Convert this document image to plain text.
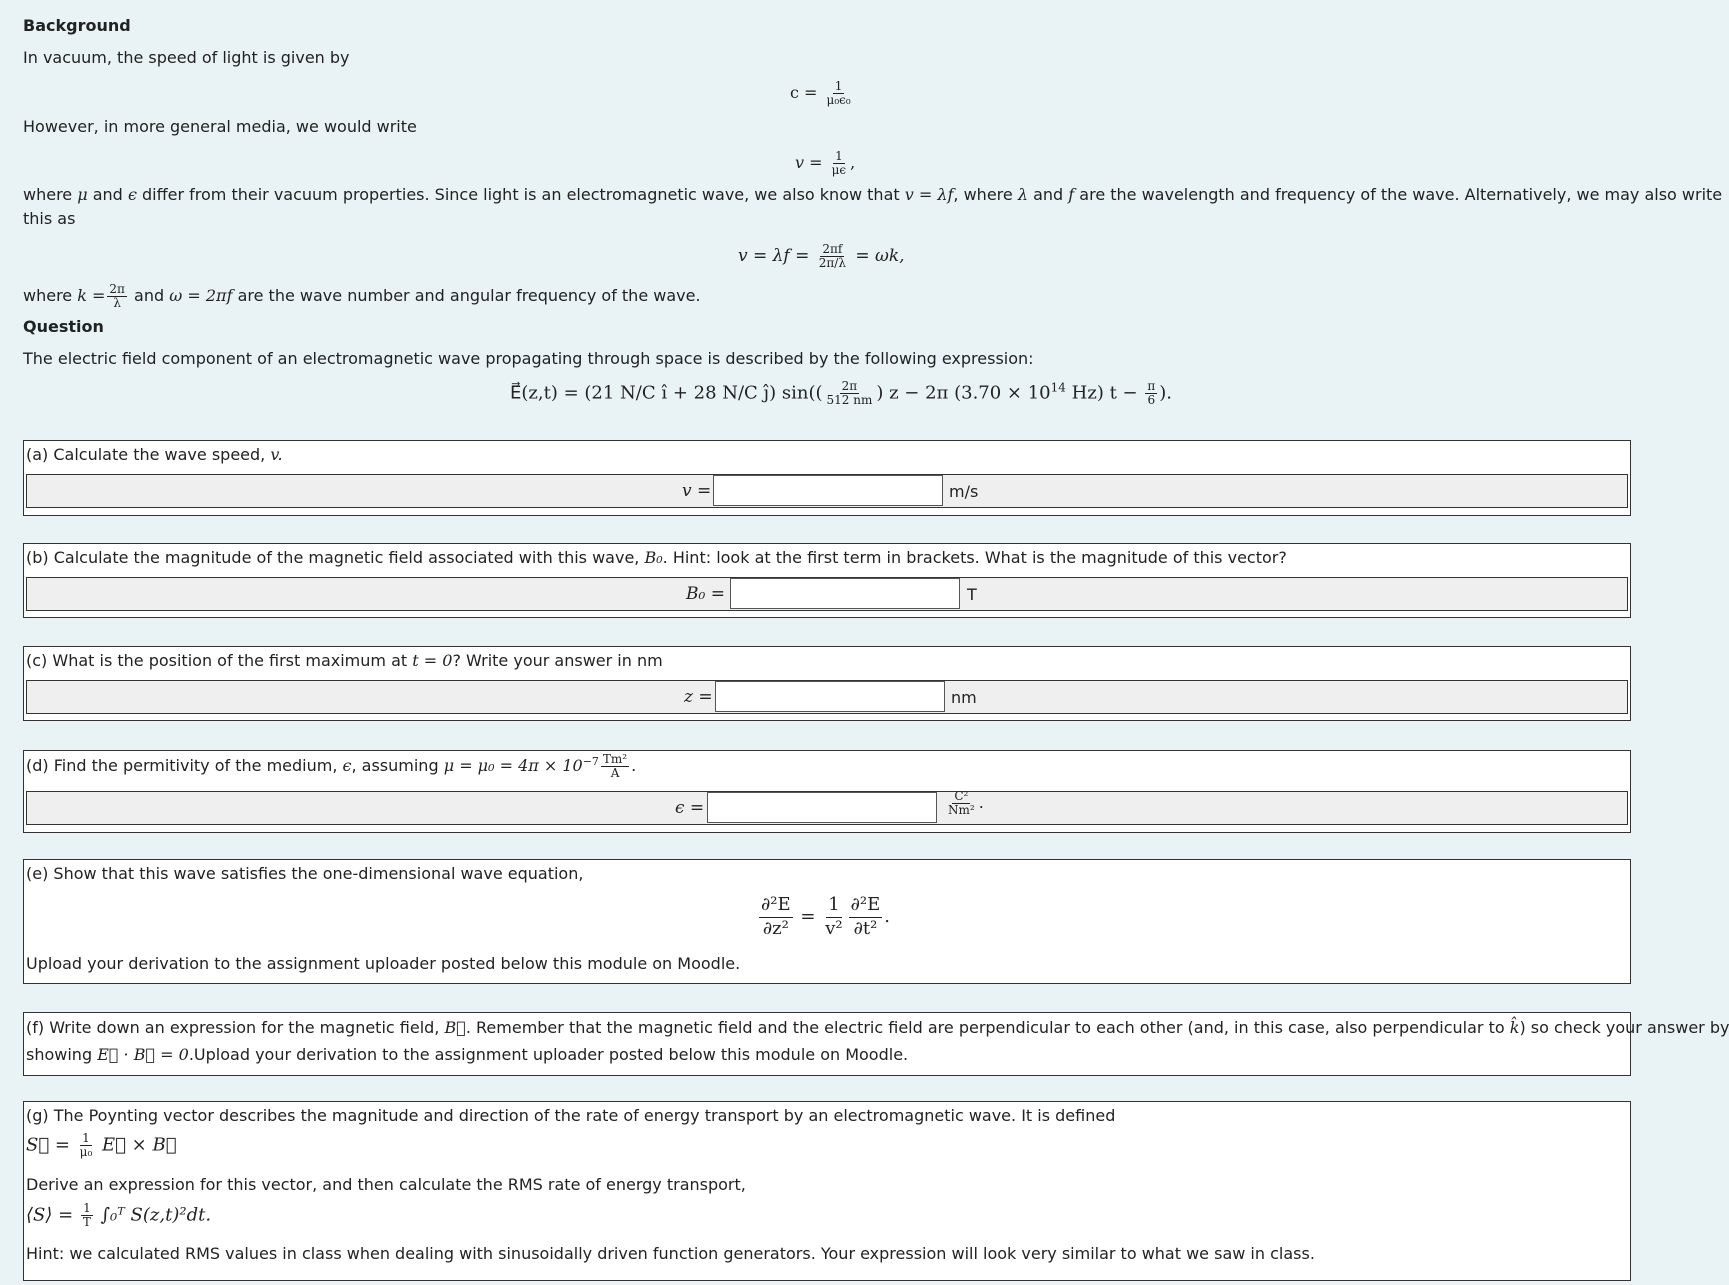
Background
In vacuum, the speed of light is given by
$c = \frac{1}{\text{μ₀ϵ₀}}$
However, in more general media, we would write
$v = \frac{1}{\mu\epsilon}$ ,
where μ and ϵ differ from their vacuum properties. Since light is an electromagnetic wave, we also know that v = λf, where λ and f are the wavelength and frequency of the wave. Alternatively, we may also write
this as
$v = \lambda f = \frac{2\pi f}{2\pi/\lambda} = \omega k$,
where $k = \frac{2\pi}{\lambda}$ and ω = 2πf are the wave number and angular frequency of the wave.
Question
The electric field component of an electromagnetic wave propagating through space is described by the following expression:
E⃗(z,t) = (21 N/C î + 28 N/C ĵ) $\sin(( \frac{2\pi}{512 nm}$ ) z − 2π ($3.70 \times 10^{14}$ Hz) $t - \frac{\pi}{6}$ ).
(a) Calculate the wave speed, v.
v =	m/s
(b) Calculate the magnitude of the magnetic field associated with this wave, B₀. Hint: look at the first term in brackets. What is the magnitude of this vector?
B₀ =	T
(c) What is the position of the first maximum at t = 0? Write your answer in nm
z =	nm
(d) Find the permitivity of the medium, ϵ, assuming $\mu = \mu_0 = 4\pi \times 10^{-7} \frac{\text{Tm²}}{A}$ .
ϵ =	$\frac{\text{C²}}{\text{Nm²}}$ .
(e) Show that this wave satisfies the one-dimensional wave equation,
$\frac{\text{∂²E}}{\text{∂z²}} = \frac{1}{\text{v²}} \frac{\text{∂²E}}{\text{∂t²}}$ .
Upload your derivation to the assignment uploader posted below this module on Moodle.
(f) Write down an expression for the magnetic field, B⃗. Remember that the magnetic field and the electric field are perpendicular to each other (and, in this case, also perpendicular to k̂) so check your answer by
showing E⃗ · B⃗ = 0.Upload your derivation to the assignment uploader posted below this module on Moodle.
(g) The Poynting vector describes the magnitude and direction of the rate of energy transport by an electromagnetic wave. It is defined
S⃗ = $\frac{1}{\text{μ₀}}$ E⃗ × B⃗
Derive an expression for this vector, and then calculate the RMS rate of energy transport,
⟨S⟩ = $\frac{1}{T}$ ∫₀ᵀ S(z,t)²dt.
Hint: we calculated RMS values in class when dealing with sinusoidally driven function generators. Your expression will look very similar to what we saw in class.
